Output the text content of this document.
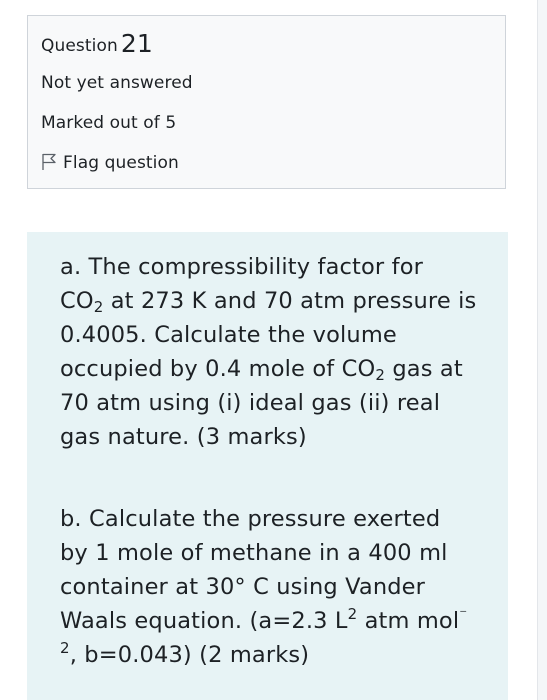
Question 21
Not yet answered
Marked out of 5
Flag question
a. The compressibility factor for
$CO_2$ at 273 K and 70 atm pressure is
0.4005. Calculate the volume
occupied by 0.4 mole of $CO_2$ gas at
70 atm using (i) ideal gas (ii) real
gas nature. (3 marks)
b. Calculate the pressure exerted
by 1 mole of methane in a 400 ml
container at 30° C using Vander
Waals equation. (a=2.3 $L^2$ atm mol⁻
$^2$, b=0.043) (2 marks)
